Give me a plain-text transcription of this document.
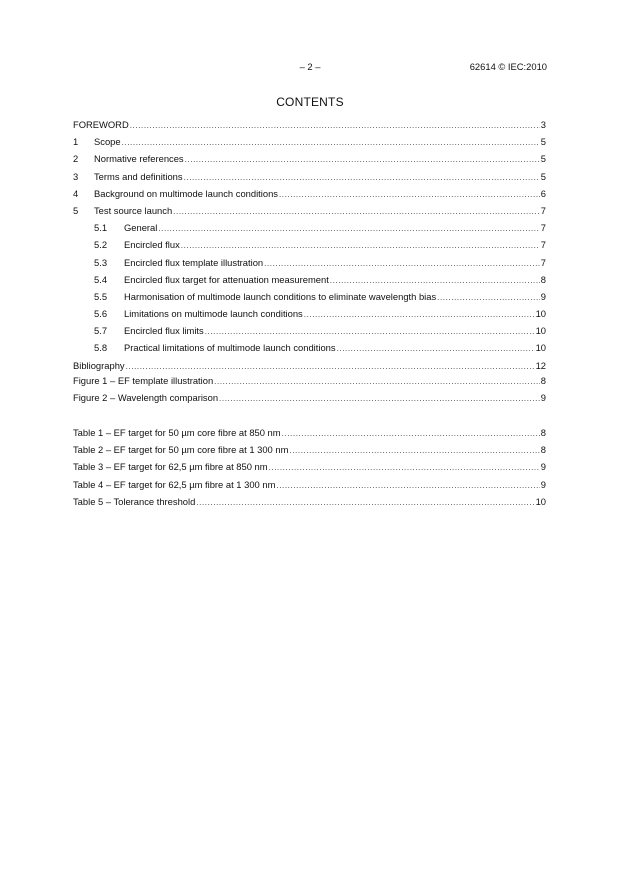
– 2 –	62614 © IEC:2010
CONTENTS
FOREWORD .....	3
1	Scope .....	5
2	Normative references .....	5
3	Terms and definitions .....	5
4	Background on multimode launch conditions .....	6
5	Test source launch .....	7
5.1	General .....	7
5.2	Encircled flux .....	7
5.3	Encircled flux template illustration .....	7
5.4	Encircled flux target for attenuation measurement .....	8
5.5	Harmonisation of multimode launch conditions to eliminate wavelength bias .....	9
5.6	Limitations on multimode launch conditions .....	10
5.7	Encircled flux limits .....	10
5.8	Practical limitations of multimode launch conditions .....	10
Bibliography .....	12
Figure 1 – EF template illustration .....	8
Figure 2 – Wavelength comparison .....	9
Table 1 – EF target for 50 µm core fibre at 850 nm .....	8
Table 2 – EF target for 50 µm core fibre at 1 300 nm .....	8
Table 3 – EF target for 62,5 µm fibre at 850 nm .....	9
Table 4 – EF target for 62,5 µm fibre at 1 300 nm .....	9
Table 5 – Tolerance threshold .....	10
